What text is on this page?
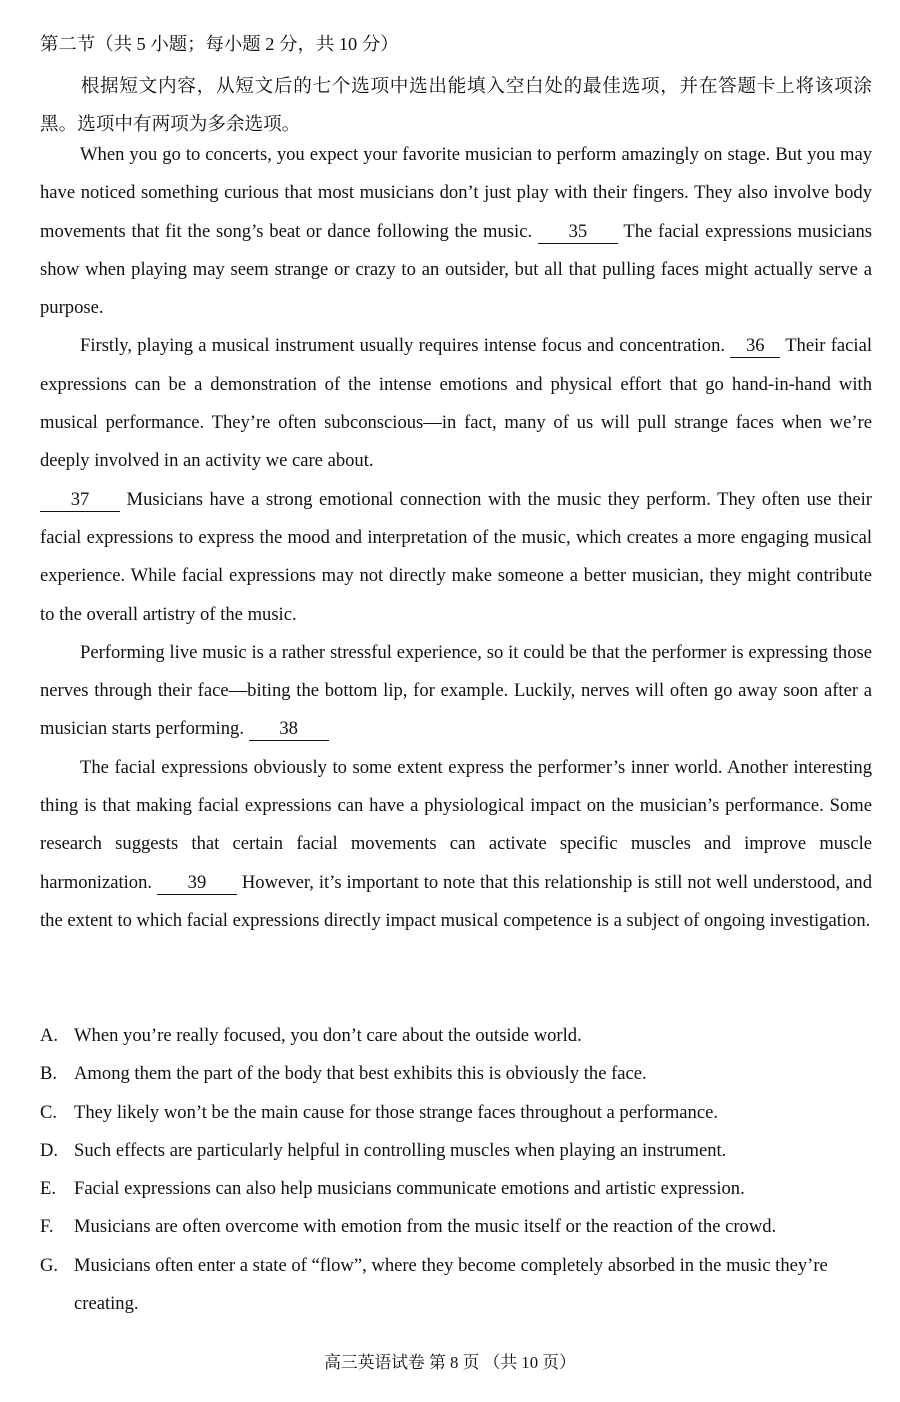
第二节（共 5 小题；每小题 2 分，共 10 分）
根据短文内容，从短文后的七个选项中选出能填入空白处的最佳选项，并在答题卡上将该项涂黑。选项中有两项为多余选项。

When you go to concerts, you expect your favorite musician to perform amazingly on stage. But you may have noticed something curious that most musicians don’t just play with their fingers. They also involve body movements that fit the song’s beat or dance following the music. 35 The facial expressions musicians show when playing may seem strange or crazy to an outsider, but all that pulling faces might actually serve a purpose.

Firstly, playing a musical instrument usually requires intense focus and concentration. 36 Their facial expressions can be a demonstration of the intense emotions and physical effort that go hand-in-hand with musical performance. They’re often subconscious—in fact, many of us will pull strange faces when we’re deeply involved in an activity we care about.

37 Musicians have a strong emotional connection with the music they perform. They often use their facial expressions to express the mood and interpretation of the music, which creates a more engaging musical experience. While facial expressions may not directly make someone a better musician, they might contribute to the overall artistry of the music.

Performing live music is a rather stressful experience, so it could be that the performer is expressing those nerves through their face—biting the bottom lip, for example. Luckily, nerves will often go away soon after a musician starts performing. 38

The facial expressions obviously to some extent express the performer’s inner world. Another interesting thing is that making facial expressions can have a physiological impact on the musician’s performance. Some research suggests that certain facial movements can activate specific muscles and improve muscle harmonization. 39 However, it’s important to note that this relationship is still not well understood, and the extent to which facial expressions directly impact musical competence is a subject of ongoing investigation.

A. When you’re really focused, you don’t care about the outside world.
B. Among them the part of the body that best exhibits this is obviously the face.
C. They likely won’t be the main cause for those strange faces throughout a performance.
D. Such effects are particularly helpful in controlling muscles when playing an instrument.
E. Facial expressions can also help musicians communicate emotions and artistic expression.
F. Musicians are often overcome with emotion from the music itself or the reaction of the crowd.
G. Musicians often enter a state of “flow”, where they become completely absorbed in the music they’re creating.
高三英语试卷 第 8 页 （共 10 页）
